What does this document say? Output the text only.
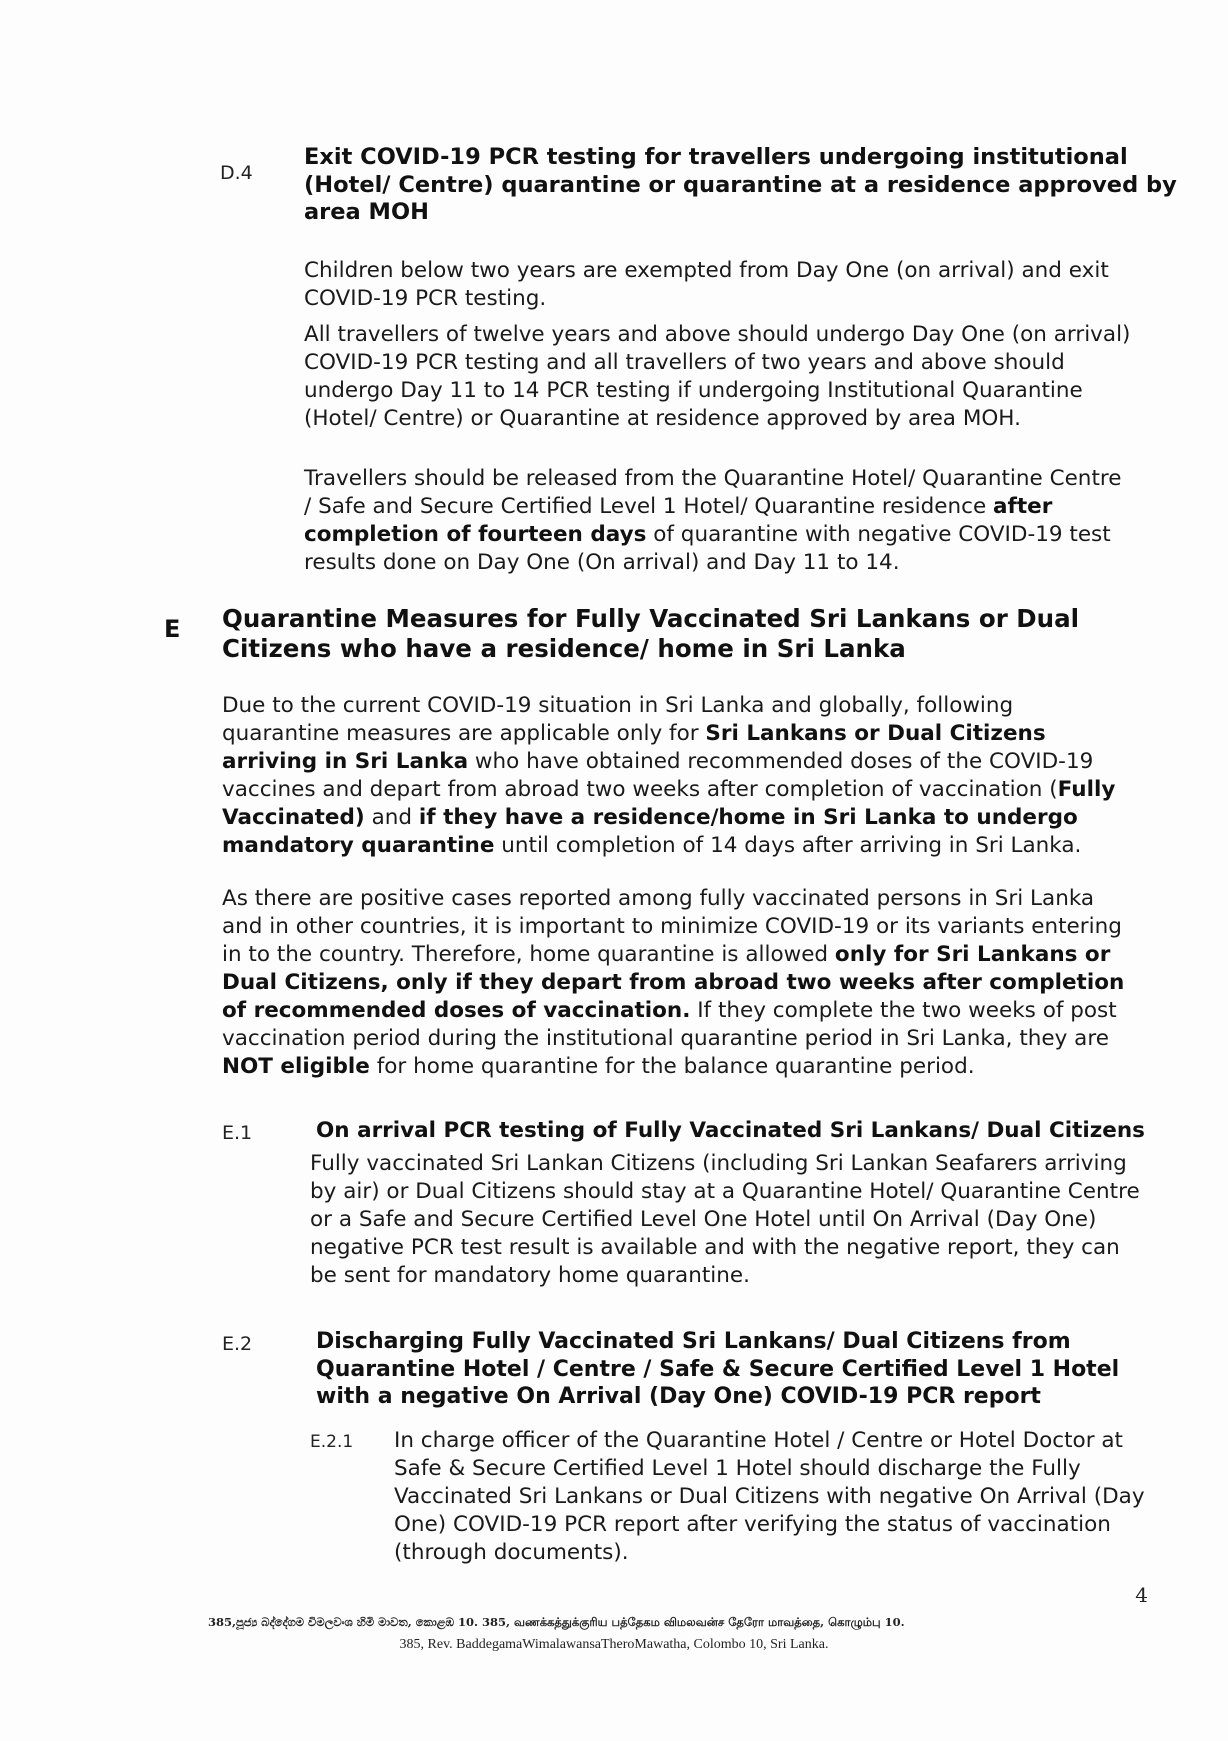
D.4
Exit COVID-19 PCR testing for travellers undergoing institutional
(Hotel/ Centre) quarantine or quarantine at a residence approved by
area MOH
Children below two years are exempted from Day One (on arrival) and exit
COVID-19 PCR testing.
All travellers of twelve years and above should undergo Day One (on arrival)
COVID-19 PCR testing and all travellers of two years and above should
undergo Day 11 to 14 PCR testing if undergoing Institutional Quarantine
(Hotel/ Centre) or Quarantine at residence approved by area MOH.
Travellers should be released from the Quarantine Hotel/ Quarantine Centre
/ Safe and Secure Certified Level 1 Hotel/ Quarantine residence after
completion of fourteen days of quarantine with negative COVID-19 test
results done on Day One (On arrival) and Day 11 to 14.
E Quarantine Measures for Fully Vaccinated Sri Lankans or Dual
Citizens who have a residence/ home in Sri Lanka
Due to the current COVID-19 situation in Sri Lanka and globally, following
quarantine measures are applicable only for Sri Lankans or Dual Citizens
arriving in Sri Lanka who have obtained recommended doses of the COVID-19
vaccines and depart from abroad two weeks after completion of vaccination (Fully
Vaccinated) and if they have a residence/home in Sri Lanka to undergo
mandatory quarantine until completion of 14 days after arriving in Sri Lanka.
As there are positive cases reported among fully vaccinated persons in Sri Lanka
and in other countries, it is important to minimize COVID-19 or its variants entering
in to the country. Therefore, home quarantine is allowed only for Sri Lankans or
Dual Citizens, only if they depart from abroad two weeks after completion
of recommended doses of vaccination. If they complete the two weeks of post
vaccination period during the institutional quarantine period in Sri Lanka, they are
NOT eligible for home quarantine for the balance quarantine period.
E.1	On arrival PCR testing of Fully Vaccinated Sri Lankans/ Dual Citizens
Fully vaccinated Sri Lankan Citizens (including Sri Lankan Seafarers arriving
by air) or Dual Citizens should stay at a Quarantine Hotel/ Quarantine Centre
or a Safe and Secure Certified Level One Hotel until On Arrival (Day One)
negative PCR test result is available and with the negative report, they can
be sent for mandatory home quarantine.
E.2	Discharging Fully Vaccinated Sri Lankans/ Dual Citizens from
Quarantine Hotel / Centre / Safe & Secure Certified Level 1 Hotel
with a negative On Arrival (Day One) COVID-19 PCR report
E.2.1 In charge officer of the Quarantine Hotel / Centre or Hotel Doctor at
Safe & Secure Certified Level 1 Hotel should discharge the Fully
Vaccinated Sri Lankans or Dual Citizens with negative On Arrival (Day
One) COVID-19 PCR report after verifying the status of vaccination
(through documents).
4
385,පූජ්‍ය බද්දේගම විමලවංශ හිමි මාවත, කොළඹ 10. 385, வணக்கத்துக்குரிய பத்தேகம விமலவன்ச தேரோ மாவத்தை, கொழும்பு 10.
385, Rev. BaddegamaWimalawansaTheroMawatha, Colombo 10, Sri Lanka.
